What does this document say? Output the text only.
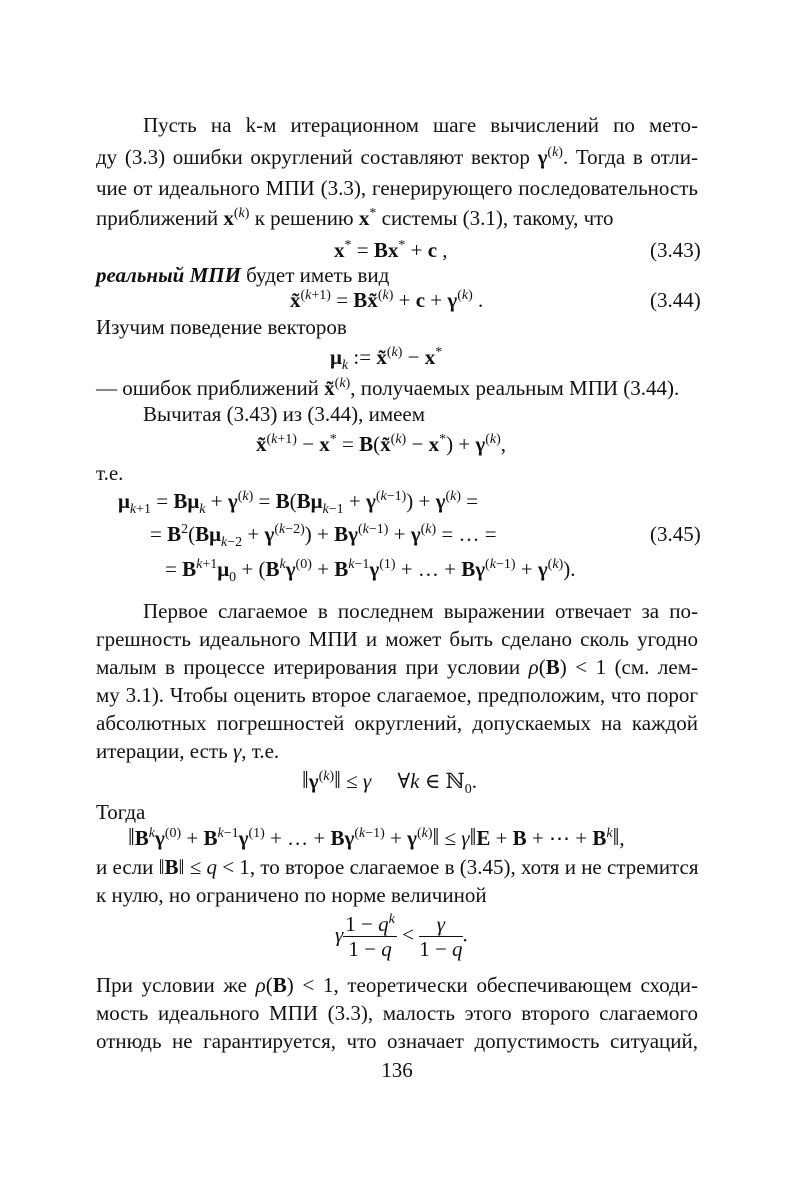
Пусть на k-м итерационном шаге вычислений по мето-
ду (3.3) ошибки округлений составляют вектор $\gamma^{(k)}$. Тогда в отли-
чие от идеального МПИ (3.3), генерирующего последовательность
приближений $x^{(k)}$ к решению x* системы (3.1), такому, что
x* = Bx* + c ,	(3.43)
реальный МПИ будет иметь вид
x̃$^{(k+1)}$ = Bx̃$^{(k)}$ + $c + \gamma^{(k)}$ .	(3.44)
Изучим поведение векторов
$\mu_k$ := x̃$^{(k)}$ − x*
— ошибок приближений x̃$^{(k)}$, получаемых реальным МПИ (3.44).
Вычитая (3.43) из (3.44), имеем
x̃$^{(k+1)}$ − x* = B(x̃$^{(k)}$ − $x^*) + \gamma^{(k)}$,
т.е.
$\mu_{k+1} = B\mu_k + \gamma^{(k)} = B(B\mu_{k-1} + \gamma^{(k-1)}) + \gamma^{(k)}$ =
= $B^2(B\mu_{k-2} + \gamma^{(k-2)}) + B\gamma^{(k-1)} + \gamma^{(k)}$ = … =	(3.45)
= $B^{k+1}\mu_0 + (B^k\gamma^{(0)} + B^{k-1}\gamma^{(1)}$ + … + $B\gamma^{(k-1)} + \gamma^{(k)}$).
Первое слагаемое в последнем выражении отвечает за по-
грешность идеального МПИ и может быть сделано сколь угодно
малым в процессе итерирования при условии ρ(B) < 1 (см. лем-
му 3.1). Чтобы оценить второе слагаемое, предположим, что порог
абсолютных погрешностей округлений, допускаемых на каждой
итерации, есть γ, т.е.
$‖\gamma^{(k)}‖ \le \gamma$     ∀k ∈ ℕ$_0$.
Тогда
$‖B^k\gamma^{(0)} + B^{k-1}\gamma^{(1)}$ + … + $B\gamma^{(k-1)}$ + $\gamma^{(k)}‖$ ≤ γ‖E + B + ⋯ + $B^k‖$,
и если ‖B‖ ≤ q < 1, то второе слагаемое в (3.45), хотя и не стремится
к нулю, но ограничено по норме величиной
γ $\frac{1 - q^k}{1 - q} < \frac{\gamma}{1 - q}$ .
При условии же ρ(B) < 1, теоретически обеспечивающем сходи-
мость идеального МПИ (3.3), малость этого второго слагаемого
отнюдь не гарантируется, что означает допустимость ситуаций,
136
